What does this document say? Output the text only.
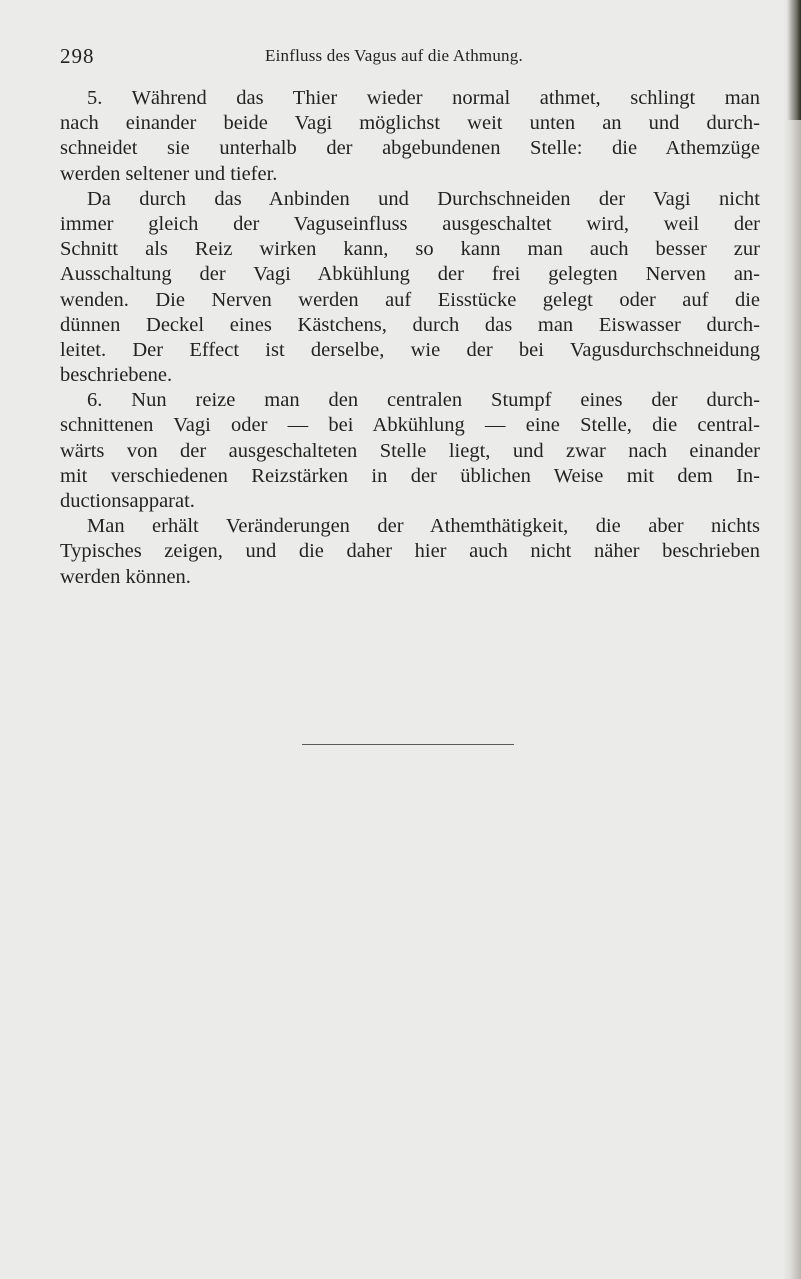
298	Einfluss des Vagus auf die Athmung.
5. Während das Thier wieder normal athmet, schlingt man
nach einander beide Vagi möglichst weit unten an und durch-
schneidet sie unterhalb der abgebundenen Stelle: die Athemzüge
werden seltener und tiefer.
Da durch das Anbinden und Durchschneiden der Vagi nicht
immer gleich der Vaguseinfluss ausgeschaltet wird, weil der
Schnitt als Reiz wirken kann, so kann man auch besser zur
Ausschaltung der Vagi Abkühlung der frei gelegten Nerven an-
wenden. Die Nerven werden auf Eisstücke gelegt oder auf die
dünnen Deckel eines Kästchens, durch das man Eiswasser durch-
leitet. Der Effect ist derselbe, wie der bei Vagusdurchschneidung
beschriebene.
6. Nun reize man den centralen Stumpf eines der durch-
schnittenen Vagi oder — bei Abkühlung — eine Stelle, die central-
wärts von der ausgeschalteten Stelle liegt, und zwar nach einander
mit verschiedenen Reizstärken in der üblichen Weise mit dem In-
ductionsapparat.
Man erhält Veränderungen der Athemthätigkeit, die aber nichts
Typisches zeigen, und die daher hier auch nicht näher beschrieben
werden können.
